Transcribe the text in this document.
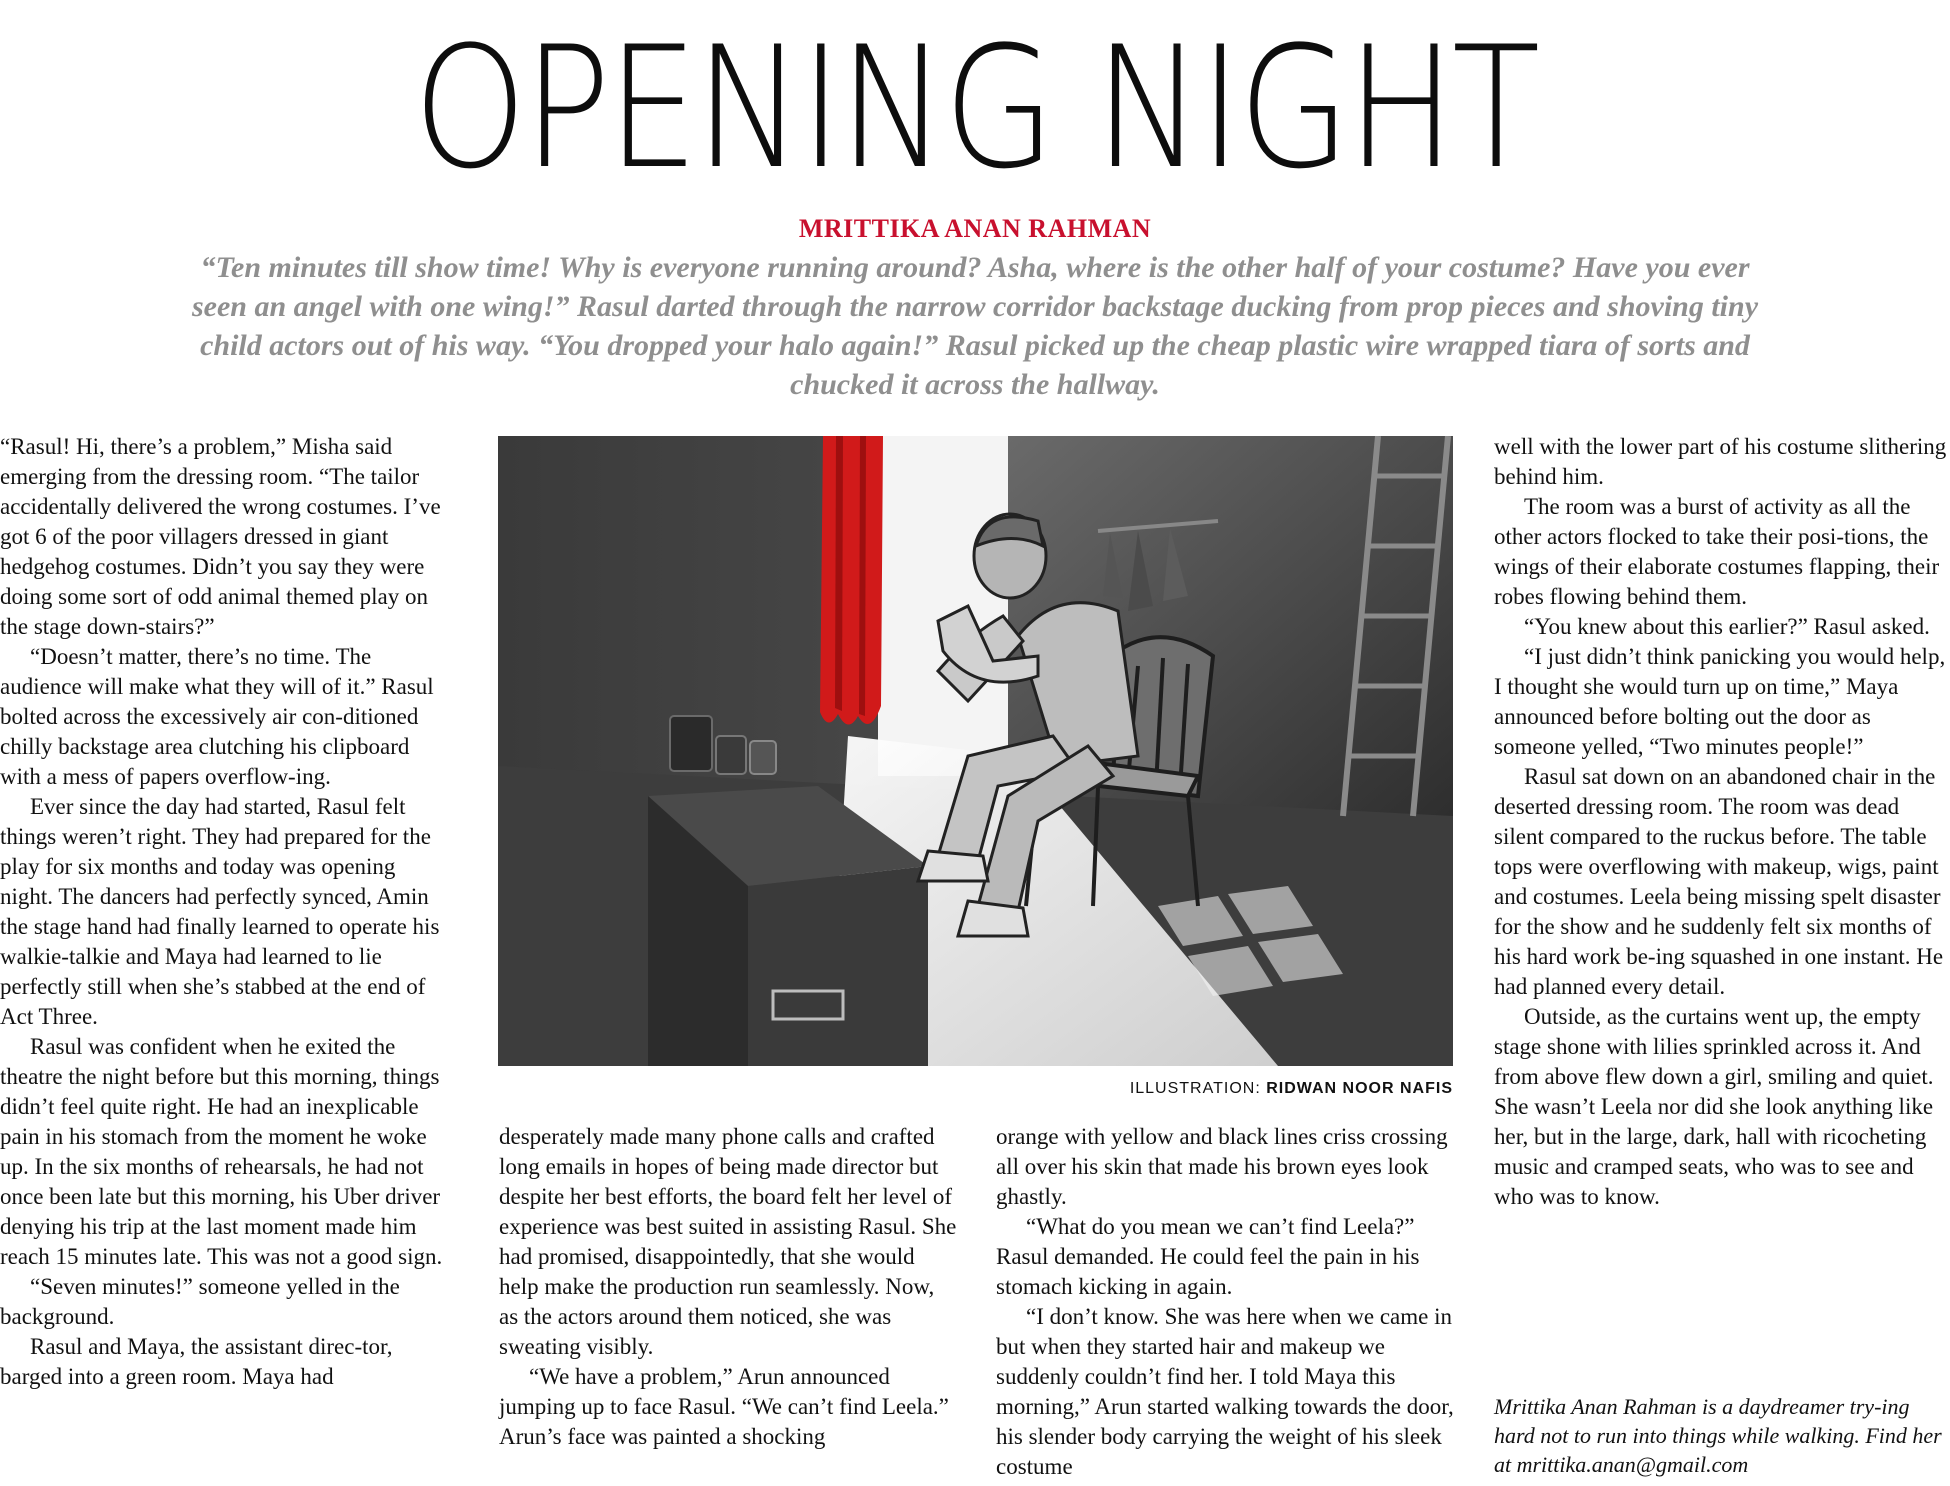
OPENING NIGHT
MRITTIKA ANAN RAHMAN

“Ten minutes till show time! Why is everyone running around? Asha, where is the other half of your costume? Have you ever seen an angel with one wing!” Rasul darted through the narrow corridor backstage ducking from prop pieces and shoving tiny child actors out of his way. “You dropped your halo again!” Rasul picked up the cheap plastic wire wrapped tiara of sorts and chucked it across the hallway.

“Rasul! Hi, there’s a problem,” Misha said emerging from the dressing room. “The tailor accidentally delivered the wrong costumes. I’ve got 6 of the poor villagers dressed in giant hedgehog costumes. Didn’t you say they were doing some sort of odd animal themed play on the stage down-stairs?”

“Doesn’t matter, there’s no time. The audience will make what they will of it.” Rasul bolted across the excessively air con-ditioned chilly backstage area clutching his clipboard with a mess of papers overflow-ing.

Ever since the day had started, Rasul felt things weren’t right. They had prepared for the play for six months and today was opening night. The dancers had perfectly synced, Amin the stage hand had finally learned to operate his walkie-talkie and Maya had learned to lie perfectly still when she’s stabbed at the end of Act Three.

Rasul was confident when he exited the theatre the night before but this morning, things didn’t feel quite right. He had an inexplicable pain in his stomach from the moment he woke up. In the six months of rehearsals, he had not once been late but this morning, his Uber driver denying his trip at the last moment made him reach 15 minutes late. This was not a good sign.

“Seven minutes!” someone yelled in the background.

Rasul and Maya, the assistant direc-tor, barged into a green room. Maya had

ILLUSTRATION: RIDWAN NOOR NAFIS

desperately made many phone calls and crafted long emails in hopes of being made director but despite her best efforts, the board felt her level of experience was best suited in assisting Rasul. She had promised, disappointedly, that she would help make the production run seamlessly. Now, as the actors around them noticed, she was sweating visibly.

“We have a problem,” Arun announced jumping up to face Rasul. “We can’t find Leela.” Arun’s face was painted a shocking

orange with yellow and black lines criss crossing all over his skin that made his brown eyes look ghastly.

“What do you mean we can’t find Leela?” Rasul demanded. He could feel the pain in his stomach kicking in again.

“I don’t know. She was here when we came in but when they started hair and makeup we suddenly couldn’t find her. I told Maya this morning,” Arun started walking towards the door, his slender body carrying the weight of his sleek costume

well with the lower part of his costume slithering behind him.

The room was a burst of activity as all the other actors flocked to take their posi-tions, the wings of their elaborate costumes flapping, their robes flowing behind them.

“You knew about this earlier?” Rasul asked.

“I just didn’t think panicking you would help, I thought she would turn up on time,” Maya announced before bolting out the door as someone yelled, “Two minutes people!”

Rasul sat down on an abandoned chair in the deserted dressing room. The room was dead silent compared to the ruckus before. The table tops were overflowing with makeup, wigs, paint and costumes. Leela being missing spelt disaster for the show and he suddenly felt six months of his hard work be-ing squashed in one instant. He had planned every detail.

Outside, as the curtains went up, the empty stage shone with lilies sprinkled across it. And from above flew down a girl, smiling and quiet. She wasn’t Leela nor did she look anything like her, but in the large, dark, hall with ricocheting music and cramped seats, who was to see and who was to know.

Mrittika Anan Rahman is a daydreamer try-ing hard not to run into things while walking. Find her at mrittika.anan@gmail.com
